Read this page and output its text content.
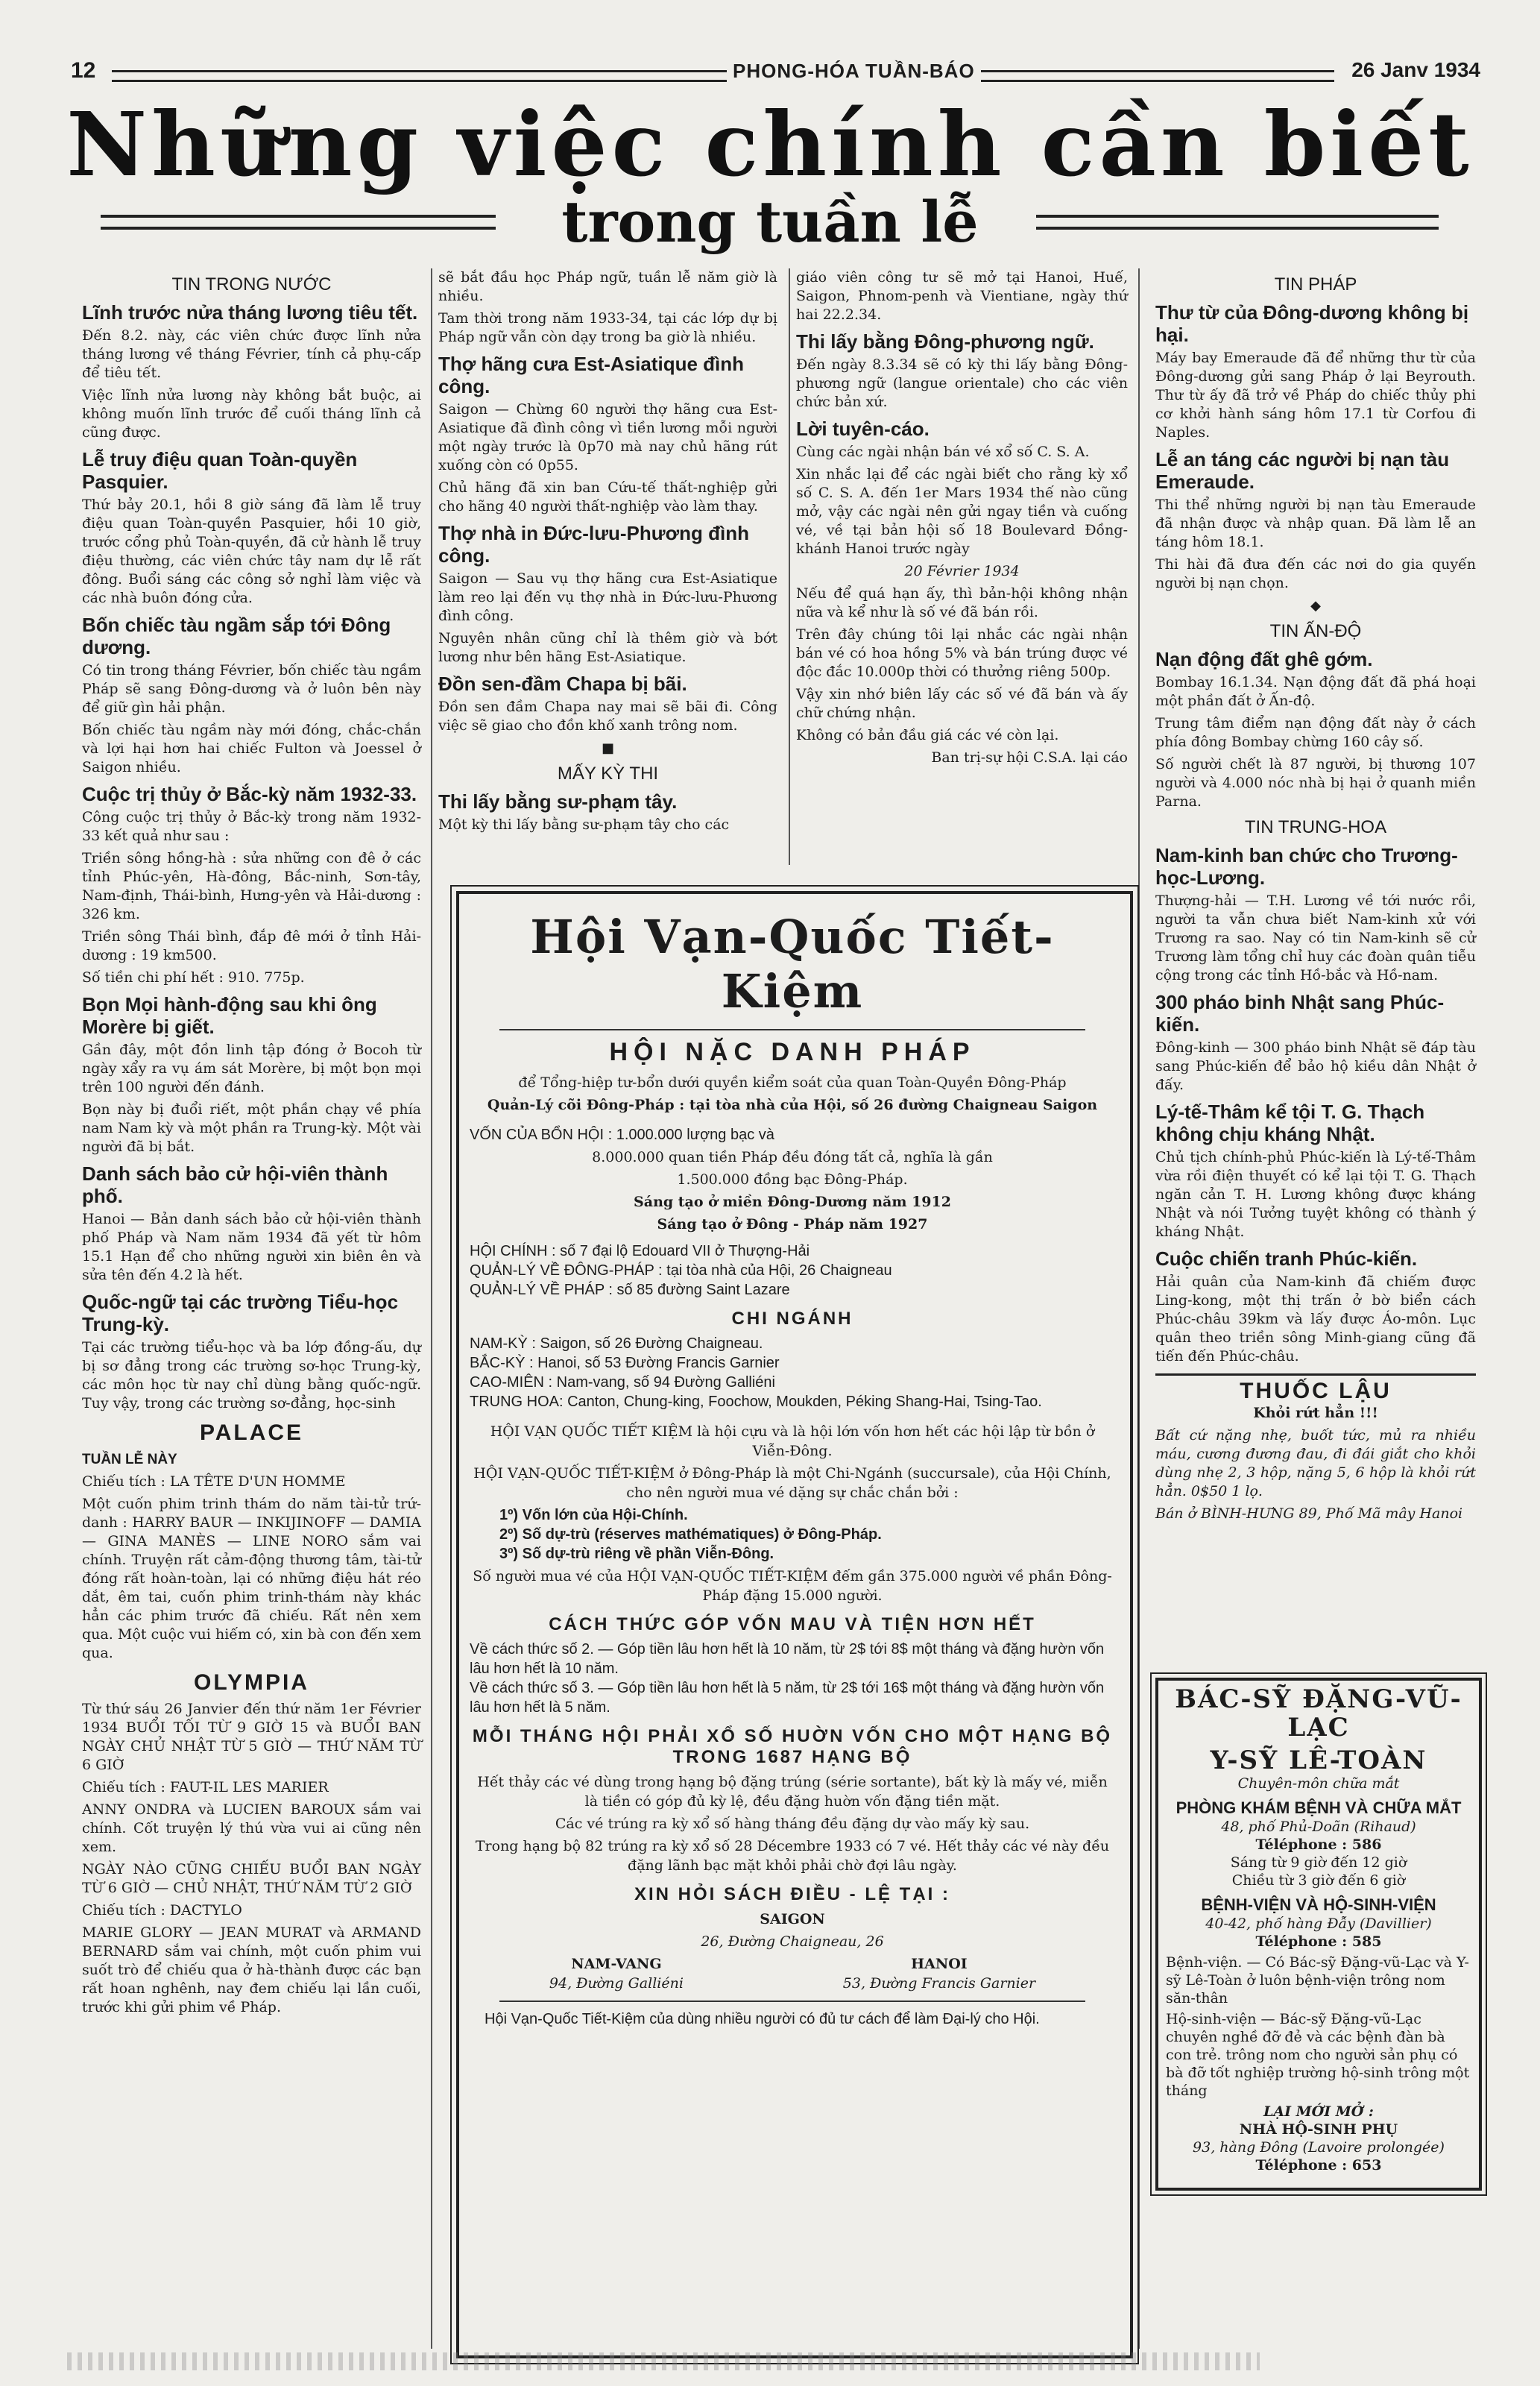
12	PHONG-HÓA TUẦN-BÁO	26 Janv 1934
Những việc chính cần biết
trong tuần lễ
TIN TRONG NƯỚC
Lĩnh trước nửa tháng lương tiêu tết.

Đến 8.2. này, các viên chức được lĩnh nửa tháng lương về tháng Février, tính cả phụ-cấp để tiêu tết.

Việc lĩnh nửa lương này không bắt buộc, ai không muốn lĩnh trước để cuối tháng lĩnh cả cũng được.

Lễ truy điệu quan Toàn-quyền Pasquier.

Thứ bảy 20.1, hồi 8 giờ sáng đã làm lễ truy điệu quan Toàn-quyền Pasquier, hồi 10 giờ, trước cổng phủ Toàn-quyền, đã cử hành lễ truy điệu thường, các viên chức tây nam dự lễ rất đông. Buổi sáng các công sở nghỉ làm việc và các nhà buôn đóng cửa.

Bốn chiếc tàu ngầm sắp tới Đông dương.

Có tin trong tháng Février, bốn chiếc tàu ngầm Pháp sẽ sang Đông-dương và ở luôn bên này để giữ gìn hải phận.

Bốn chiếc tàu ngầm này mới đóng, chắc-chắn và lợi hại hơn hai chiếc Fulton và Joessel ở Saigon nhiều.

Cuộc trị thủy ở Bắc-kỳ năm 1932-33.

Công cuộc trị thủy ở Bắc-kỳ trong năm 1932-33 kết quả như sau :

Triền sông hồng-hà : sửa những con đê ở các tỉnh Phúc-yên, Hà-đông, Bắc-ninh, Sơn-tây, Nam-định, Thái-bình, Hưng-yên và Hải-dương : 326 km.

Triền sông Thái bình, đắp đê mới ở tỉnh Hải-dương : 19 km500.

Số tiền chi phí hết : 910. 775p.

Bọn Mọi hành-động sau khi ông Morère bị giết.

Gần đây, một đồn linh tập đóng ở Bocoh từ ngày xẩy ra vụ ám sát Morère, bị một bọn mọi trên 100 người đến đánh.

Bọn này bị đuổi riết, một phần chạy về phía nam Nam kỳ và một phần ra Trung-kỳ. Một vài người đã bị bắt.

Danh sách bảo cử hội-viên thành phố.

Hanoi — Bản danh sách bảo cử hội-viên thành phố Pháp và Nam năm 1934 đã yết từ hôm 15.1 Hạn để cho những người xin biên ên và sửa tên đến 4.2 là hết.

Quốc-ngữ tại các trường Tiểu-học Trung-kỳ.

Tại các trường tiểu-học và ba lớp đồng-ấu, dự bị sơ đẳng trong các trường sơ-học Trung-kỳ, các môn học từ nay chỉ dùng bằng quốc-ngữ. Tuy vậy, trong các trường sơ-đẳng, học-sinh

PALACE

TUẦN LỄ NÀY

Chiếu tích : LA TÊTE D'UN HOMME

Một cuốn phim trinh thám do năm tài-tử trứ-danh : HARRY BAUR — INKIJINOFF — DAMIA — GINA MANÈS — LINE NORO sắm vai chính. Truyện rất cảm-động thương tâm, tài-tử đóng rất hoàn-toàn, lại có những điệu hát réo dắt, êm tai, cuốn phim trinh-thám này khác hẳn các phim trước đã chiếu. Rất nên xem qua. Một cuộc vui hiếm có, xin bà con đến xem qua.

OLYMPIA

Từ thứ sáu 26 Janvier đến thứ năm 1er Février 1934 BUỔI TỐI TỪ 9 GIỜ 15 và BUỔI BAN NGÀY CHỦ NHẬT TỪ 5 GIỜ — THỨ NĂM TỪ 6 GIỜ

Chiếu tích : FAUT-IL LES MARIER

ANNY ONDRA và LUCIEN BAROUX sắm vai chính. Cốt truyện lý thú vừa vui ai cũng nên xem.

NGÀY NÀO CŨNG CHIẾU BUỔI BAN NGÀY TỪ 6 GIỜ — CHỦ NHẬT, THỨ NĂM TỪ 2 GIỜ

Chiếu tích : DACTYLO

MARIE GLORY — JEAN MURAT và ARMAND BERNARD sắm vai chính, một cuốn phim vui suốt trò để chiếu qua ở hà-thành được các bạn rất hoan nghênh, nay đem chiếu lại lần cuối, trước khi gửi phim về Pháp.

sẽ bắt đầu học Pháp ngữ, tuần lễ năm giờ là nhiều.

Tam thời trong năm 1933-34, tại các lớp dự bị Pháp ngữ vẫn còn dạy trong ba giờ là nhiều.

Thợ hãng cưa Est-Asiatique đình công.

Saigon — Chừng 60 người thợ hãng cưa Est-Asiatique đã đình công vì tiền lương mỗi người một ngày trước là 0p70 mà nay chủ hãng rút xuống còn có 0p55.

Chủ hãng đã xin ban Cứu-tế thất-nghiệp gửi cho hãng 40 người thất-nghiệp vào làm thay.

Thợ nhà in Đức-lưu-Phương đình công.

Saigon — Sau vụ thợ hãng cưa Est-Asiatique làm reo lại đến vụ thợ nhà in Đức-lưu-Phương đình công.

Nguyên nhân cũng chỉ là thêm giờ và bớt lương như bên hãng Est-Asiatique.

Đồn sen-đầm Chapa bị bãi.

Đồn sen đầm Chapa nay mai sẽ bãi đi. Công việc sẽ giao cho đồn khố xanh trông nom.

■
MẤY KỲ THI
Thi lấy bằng sư-phạm tây.

Một kỳ thi lấy bằng sư-phạm tây cho các

giáo viên công tư sẽ mở tại Hanoi, Huế, Saigon, Phnom-penh và Vientiane, ngày thứ hai 22.2.34.

Thi lấy bằng Đông-phương ngữ.

Đến ngày 8.3.34 sẽ có kỳ thi lấy bằng Đông-phương ngữ (langue orientale) cho các viên chức bản xứ.

Lời tuyên-cáo.

Cùng các ngài nhận bán vé xổ số C. S. A.

Xin nhắc lại để các ngài biết cho rằng kỳ xổ số C. S. A. đến 1er Mars 1934 thế nào cũng mở, vậy các ngài nên gửi ngay tiền và cuống vé, về tại bản hội số 18 Boulevard Đồng-khánh Hanoi trước ngày

20 Février 1934

Nếu để quá hạn ấy, thì bản-hội không nhận nữa và kể như là số vé đã bán rồi.

Trên đây chúng tôi lại nhắc các ngài nhận bán vé có hoa hồng 5% và bán trúng được vé độc đắc 10.000p thời có thưởng riêng 500p.

Vậy xin nhớ biên lấy các số vé đã bán và ấy chữ chứng nhận.

Không có bản đầu giá các vé còn lại.

Ban trị-sự hội C.S.A. lại cáo

TIN PHÁP
Thư từ của Đông-dương không bị hại.

Máy bay Emeraude đã để những thư từ của Đông-dương gửi sang Pháp ở lại Beyrouth. Thư từ ấy đã trở về Pháp do chiếc thủy phi cơ khởi hành sáng hôm 17.1 từ Corfou đi Naples.

Lễ an táng các người bị nạn tàu Emeraude.

Thi thể những người bị nạn tàu Emeraude đã nhận được và nhập quan. Đã làm lễ an táng hôm 18.1.

Thi hài đã đưa đến các nơi do gia quyến người bị nạn chọn.

◆
TIN ẤN-ĐỘ
Nạn động đất ghê gớm.

Bombay 16.1.34. Nạn động đất đã phá hoại một phần đất ở Ấn-độ.

Trung tâm điểm nạn động đất này ở cách phía đông Bombay chừng 160 cây số.

Số người chết là 87 người, bị thương 107 người và 4.000 nóc nhà bị hại ở quanh miền Parna.

TIN TRUNG-HOA
Nam-kinh ban chức cho Trương-học-Lương.

Thượng-hải — T.H. Lương về tới nước rồi, người ta vẫn chưa biết Nam-kinh xử với Trương ra sao. Nay có tin Nam-kinh sẽ cử Trương làm tổng chỉ huy các đoàn quân tiễu cộng trong các tỉnh Hồ-bắc và Hồ-nam.

300 pháo binh Nhật sang Phúc-kiến.

Đông-kinh — 300 pháo binh Nhật sẽ đáp tàu sang Phúc-kiến để bảo hộ kiều dân Nhật ở đấy.

Lý-tế-Thâm kể tội T. G. Thạch không chịu kháng Nhật.

Chủ tịch chính-phủ Phúc-kiến là Lý-tế-Thâm vừa rồi điện thuyết có kể lại tội T. G. Thạch ngăn cản T. H. Lương không được kháng Nhật và nói Tưởng tuyệt không có thành ý kháng Nhật.

Cuộc chiến tranh Phúc-kiến.

Hải quân của Nam-kinh đã chiếm được Ling-kong, một thị trấn ở bờ biển cách Phúc-châu 39km và lấy được Áo-môn. Lục quân theo triền sông Minh-giang cũng đã tiến đến Phúc-châu.

THUỐC LẬU

Khỏi rứt hẳn !!!

Bất cứ nặng nhẹ, buốt tức, mủ ra nhiều máu, cương đương đau, đi đái giắt cho khỏi dùng nhẹ 2, 3 hộp, nặng 5, 6 hộp là khỏi rứt hẳn. 0$50 1 lọ.

Bán ở BÌNH-HƯNG 89, Phố Mã mây Hanoi

Hội Vạn-Quốc Tiết-Kiệm
HỘI NẶC DANH PHÁP
để Tổng-hiệp tư-bổn dưới quyền kiểm soát của quan Toàn-Quyền Đông-Pháp
Quản-Lý cõi Đông-Pháp : tại tòa nhà của Hội, số 26 đường Chaigneau Saigon
VỐN CỦA BỔN HỘI : 1.000.000 lượng bạc và
8.000.000 quan tiền Pháp đều đóng tất cả, nghĩa là gần
1.500.000 đồng bạc Đông-Pháp.
Sáng tạo ở miền Đông-Dương năm 1912
Sáng tạo ở Đông - Pháp năm 1927
HỘI CHÍNH : số 7 đại lộ Edouard VII ở Thượng-Hải
QUẢN-LÝ VỀ ĐÔNG-PHÁP : tại tòa nhà của Hội, 26 Chaigneau
QUẢN-LÝ VỀ PHÁP : số 85 đường Saint Lazare
CHI NGÁNH
NAM-KỲ : Saigon, số 26 Đường Chaigneau.
BẮC-KỲ : Hanoi, số 53 Đường Francis Garnier
CAO-MIÊN : Nam-vang, số 94 Đường Galliéni
TRUNG HOA: Canton, Chung-king, Foochow, Moukden, Péking Shang-Hai, Tsing-Tao.
HỘI VẠN QUỐC TIẾT KIỆM là hội cựu và là hội lớn vốn hơn hết các hội lập từ bồn ở Viễn-Đông.
HỘI VẠN-QUỐC TIẾT-KIỆM ở Đông-Pháp là một Chi-Ngánh (succursale), của Hội Chính, cho nên người mua vé dặng sự chắc chắn bởi :
1º) Vốn lớn của Hội-Chính.
2º) Số dự-trù (réserves mathématiques) ở Đông-Pháp.
3º) Số dự-trù riêng về phần Viễn-Đông.
Số người mua vé của HỘI VẠN-QUỐC TIẾT-KIỆM đếm gần 375.000 người về phần Đông-Pháp đặng 15.000 người.
CÁCH THỨC GÓP VỐN MAU VÀ TIỆN HƠN HẾT
Về cách thức số 2. — Góp tiền lâu hơn hết là 10 năm, từ 2$ tới 8$ một tháng và đặng hườn vốn lâu hơn hết là 10 năm.
Về cách thức số 3. — Góp tiền lâu hơn hết là 5 năm, từ 2$ tới 16$ một tháng và đặng hườn vốn lâu hơn hết là 5 năm.
MỖI THÁNG HỘI PHẢI XỔ SỐ HUỜN VỐN CHO MỘT HẠNG BỘ TRONG 1687 HẠNG BỘ
Hết thảy các vé dùng trong hạng bộ đặng trúng (série sortante), bất kỳ là mấy vé, miễn là tiền có góp đủ kỳ lệ, đều đặng huờn vốn đặng tiền mặt.
Các vé trúng ra kỳ xổ số hàng tháng đều đặng dự vào mấy kỳ sau.
Trong hạng bộ 82 trúng ra kỳ xổ số 28 Décembre 1933 có 7 vé. Hết thảy các vé này đều đặng lãnh bạc mặt khỏi phải chờ đợi lâu ngày.
XIN HỎI SÁCH ĐIỀU - LỆ TẠI :
SAIGON
26, Đường Chaigneau, 26
NAM-VANG
94, Đường Galliéni
HANOI
53, Đường Francis Garnier
Hội Vạn-Quốc Tiết-Kiệm của dùng nhiều người có đủ tư cách để làm Đại-lý cho Hội.
BÁC-SỸ ĐẶNG-VŨ-LẠC
Y-SỸ LÊ-TOÀN
Chuyên-môn chữa mắt
PHÒNG KHÁM BỆNH VÀ CHỮA MẮT
48, phố Phủ-Doãn (Rihaud)
Téléphone : 586
Sáng từ 9 giờ đến 12 giờ
Chiều từ 3 giờ đến 6 giờ
BỆNH-VIỆN VÀ HỘ-SINH-VIỆN
40-42, phố hàng Đẫy (Davillier)
Téléphone : 585
Bệnh-viện. — Có Bác-sỹ Đặng-vũ-Lạc và Y-sỹ Lê-Toàn ở luôn bệnh-viện trông nom săn-thân
Hộ-sinh-viện — Bác-sỹ Đặng-vũ-Lạc chuyên nghề đỡ đẻ và các bệnh đàn bà con trẻ. trông nom cho người sản phụ có bà đỡ tốt nghiệp trường hộ-sinh trông một tháng
LẠI MỚI MỞ :
NHÀ HỘ-SINH PHỤ
93, hàng Đông (Lavoire prolongée)
Téléphone : 653
